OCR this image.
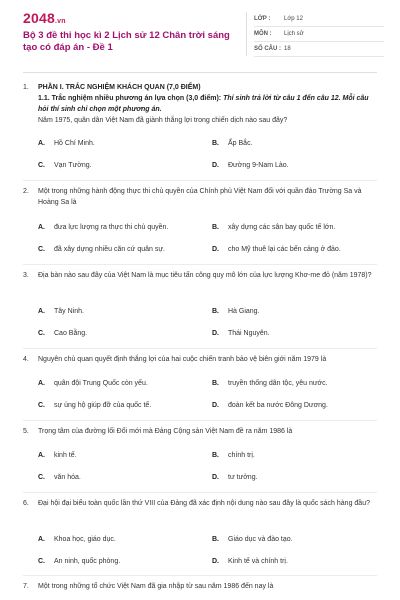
2048.vn
Bộ 3 đề thi học kì 2 Lịch sử 12 Chân trời sáng tạo có đáp án - Đề 1
LỚP :	Lớp 12
MÔN :	Lịch sử
SỐ CÂU : 18
1. PHẦN I. TRẮC NGHIỆM KHÁCH QUAN (7,0 ĐIỂM)
1.1. Trắc nghiệm nhiều phương án lựa chọn (3,0 điểm): Thí sinh trả lời từ câu 1 đến câu 12. Mỗi câu hỏi thí sinh chỉ chọn một phương án.
Năm 1975, quân dân Việt Nam đã giành thắng lợi trong chiến dịch nào sau đây?
A. Hồ Chí Minh.	B. Ấp Bắc.
C. Vạn Tường.	D. Đường 9-Nam Lào.
2. Một trong những hành động thực thi chủ quyền của Chính phủ Việt Nam đối với quần đảo Trường Sa và Hoàng Sa là
A. đưa lực lượng ra thực thi chủ quyền.	B. xây dựng các sân bay quốc tế lớn.
C. đã xây dựng nhiều căn cứ quân sự.	D. cho Mỹ thuê lại các bến cảng ở đảo.
3. Địa bàn nào sau đây của Việt Nam là mục tiêu tấn công quy mô lớn của lực lượng Khơ-me đỏ (năm 1978)?
A. Tây Ninh.	B. Hà Giang.
C. Cao Bằng.	D. Thái Nguyên.
4. Nguyên chủ quan quyết định thắng lợi của hai cuộc chiến tranh bảo vệ biên giới năm 1979 là
A. quân đội Trung Quốc còn yếu.	B. truyền thống dân tộc, yêu nước.
C. sự ủng hộ giúp đỡ của quốc tế.	D. đoàn kết ba nước Đông Dương.
5. Trọng tâm của đường lối Đổi mới mà Đảng Cộng sản Việt Nam đề ra năm 1986 là
A. kinh tế.	B. chính trị.
C. văn hóa.	D. tư tưởng.
6. Đại hội đại biểu toàn quốc lần thứ VIII của Đảng đã xác định nội dung nào sau đây là quốc sách hàng đầu?
A. Khoa học, giáo dục.	B. Giáo dục và đào tạo.
C. An ninh, quốc phòng.	D. Kinh tế và chính trị.
7. Một trong những tổ chức Việt Nam đã gia nhập từ sau năm 1986 đến nay là
